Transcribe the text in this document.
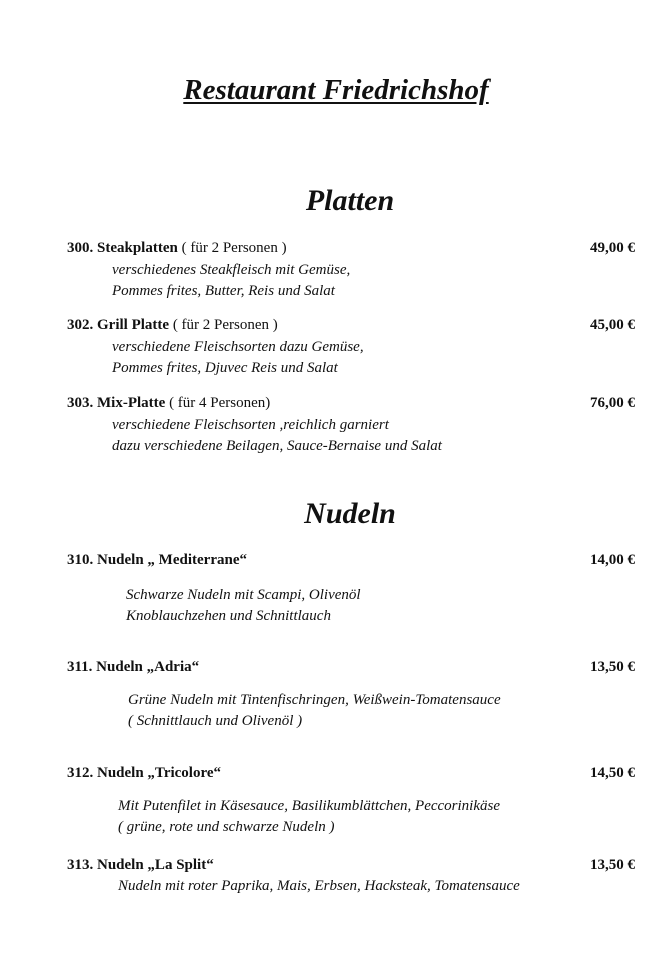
Restaurant Friedrichshof
Platten
300. Steakplatten ( für 2 Personen )	49,00 €
verschiedenes Steakfleisch mit Gemüse,
Pommes frites, Butter, Reis und Salat
302. Grill Platte ( für 2 Personen )	45,00 €
verschiedene Fleischsorten dazu Gemüse,
Pommes frites, Djuvec Reis und Salat
303. Mix-Platte ( für 4 Personen)	76,00 €
verschiedene Fleischsorten ,reichlich garniert
dazu verschiedene Beilagen, Sauce-Bernaise und Salat
Nudeln
310. Nudeln „ Mediterrane“	14,00 €
Schwarze Nudeln mit Scampi, Olivenöl
Knoblauchzehen und Schnittlauch
311. Nudeln „Adria“	13,50 €
Grüne Nudeln mit Tintenfischringen, Weißwein-Tomatensauce
( Schnittlauch und Olivenöl )
312. Nudeln „Tricolore“	14,50 €
Mit Putenfilet in Käsesauce, Basilikumblättchen, Peccorinikäse
( grüne, rote und schwarze Nudeln )
313. Nudeln „La Split“	13,50 €
Nudeln mit roter Paprika, Mais, Erbsen, Hacksteak, Tomatensauce
